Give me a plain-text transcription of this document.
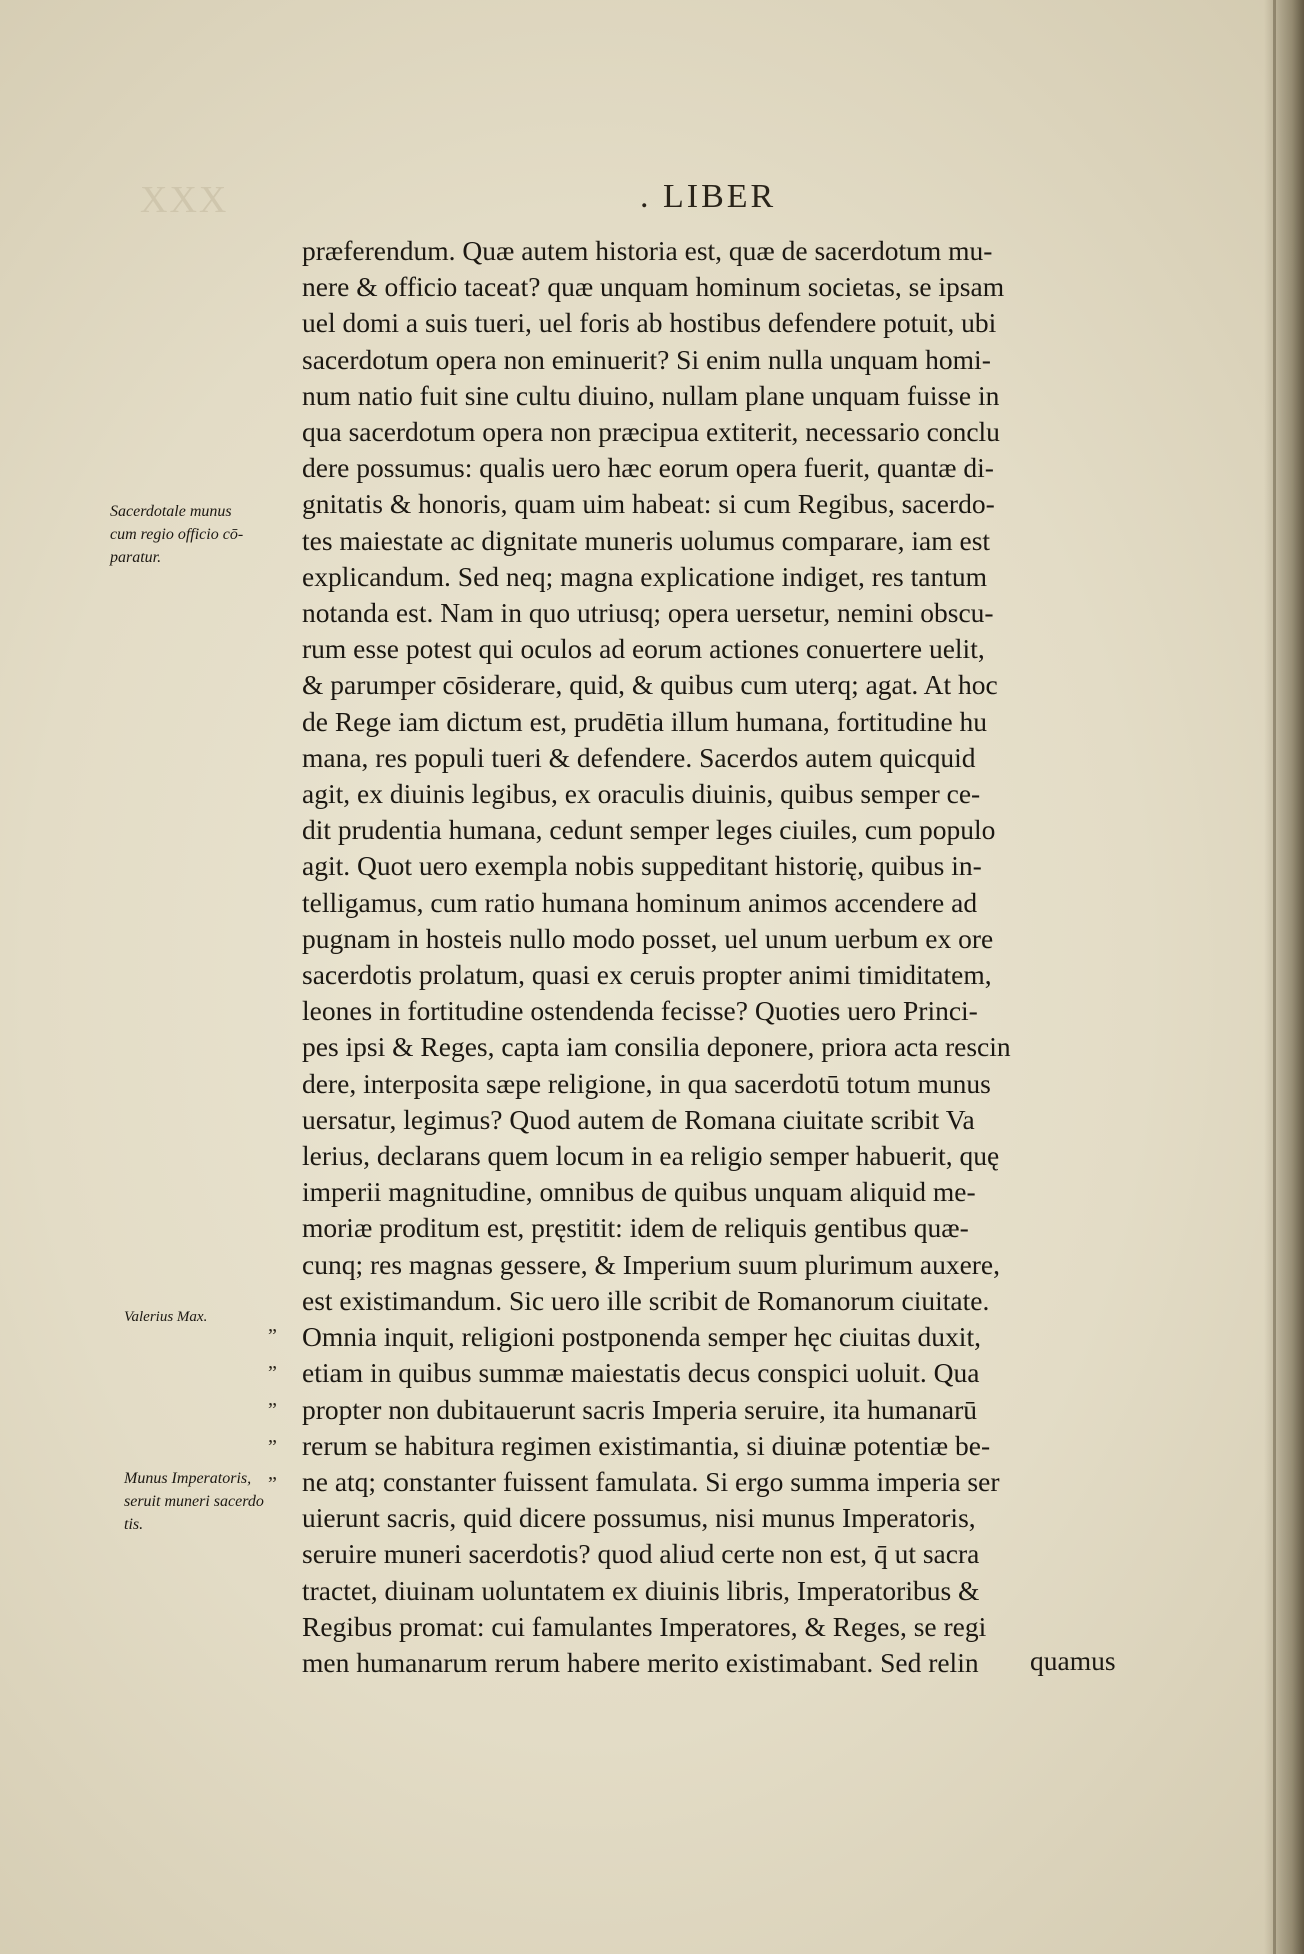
XXX	. LIBER
præferendum. Quæ autem historia est, quæ de sacerdotum mu-
nere & officio taceat? quæ unquam hominum societas, se ipsam
uel domi a suis tueri, uel foris ab hostibus defendere potuit, ubi
sacerdotum opera non eminuerit? Si enim nulla unquam homi-
num natio fuit sine cultu diuino, nullam plane unquam fuisse in
qua sacerdotum opera non præcipua extiterit, necessario conclu
dere possumus: qualis uero hæc eorum opera fuerit, quantæ di-
gnitatis & honoris, quam uim habeat: si cum Regibus, sacerdo-
tes maiestate ac dignitate muneris uolumus comparare, iam est
explicandum. Sed neq; magna explicatione indiget, res tantum
notanda est. Nam in quo utriusq; opera uersetur, nemini obscu-
rum esse potest qui oculos ad eorum actiones conuertere uelit,
& parumper cōsiderare, quid, & quibus cum uterq; agat. At hoc
de Rege iam dictum est, prudētia illum humana, fortitudine hu
mana, res populi tueri & defendere. Sacerdos autem quicquid
agit, ex diuinis legibus, ex oraculis diuinis, quibus semper ce-
dit prudentia humana, cedunt semper leges ciuiles, cum populo
agit. Quot uero exempla nobis suppeditant historię, quibus in-
telligamus, cum ratio humana hominum animos accendere ad
pugnam in hosteis nullo modo posset, uel unum uerbum ex ore
sacerdotis prolatum, quasi ex ceruis propter animi timiditatem,
leones in fortitudine ostendenda fecisse? Quoties uero Princi-
pes ipsi & Reges, capta iam consilia deponere, priora acta rescin
dere, interposita sæpe religione, in qua sacerdotū totum munus
uersatur, legimus? Quod autem de Romana ciuitate scribit Va
lerius, declarans quem locum in ea religio semper habuerit, quę
imperii magnitudine, omnibus de quibus unquam aliquid me-
moriæ proditum est, pręstitit: idem de reliquis gentibus quæ-
cunq; res magnas gessere, & Imperium suum plurimum auxere,
est existimandum. Sic uero ille scribit de Romanorum ciuitate.
Omnia inquit, religioni postponenda semper hęc ciuitas duxit,
etiam in quibus summæ maiestatis decus conspici uoluit. Qua
propter non dubitauerunt sacris Imperia seruire, ita humanarū
rerum se habitura regimen existimantia, si diuinæ potentiæ be-
ne atq; constanter fuissent famulata. Si ergo summa imperia ser
uierunt sacris, quid dicere possumus, nisi munus Imperatoris,
seruire muneri sacerdotis? quod aliud certe non est, q̄ ut sacra
tractet, diuinam uoluntatem ex diuinis libris, Imperatoribus &
Regibus promat: cui famulantes Imperatores, & Reges, se regi
men humanarum rerum habere merito existimabant. Sed relin	quamus
Sacerdotale munus
cum regio officio cō-
paratur.
Valerius Max.
Munus Imperatoris,
seruit muneri sacerdo
tis.
„
„
„
„
„
